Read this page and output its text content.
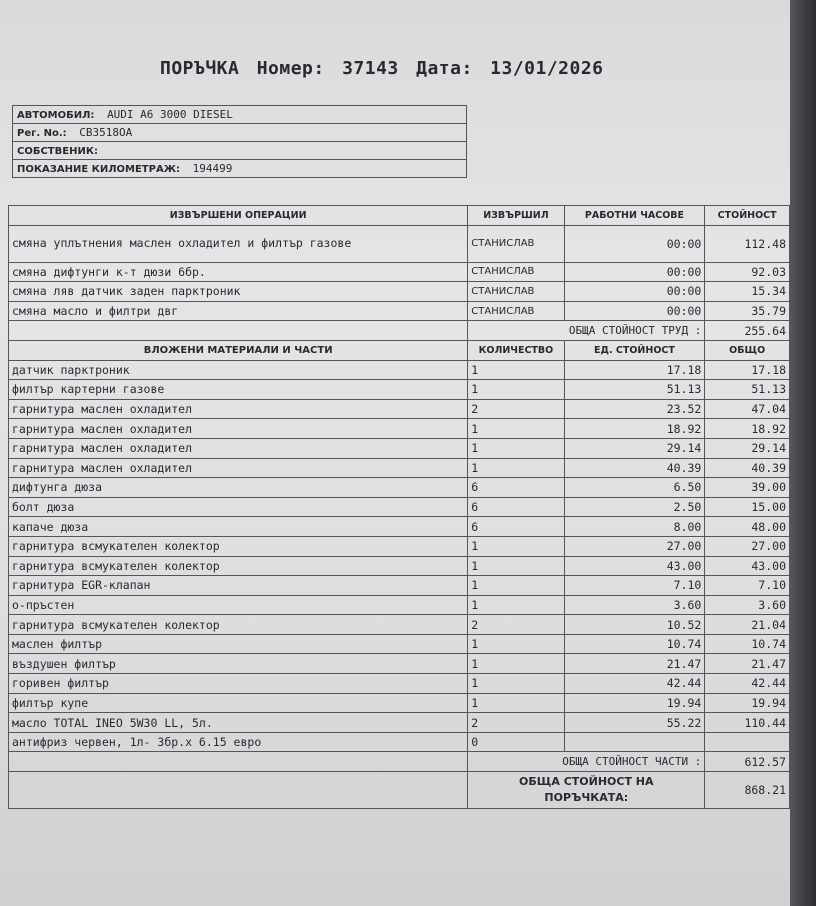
ПОРЪЧКА Номер: 37143 Дата: 13/01/2026
АВТОМОБИЛ: AUDI A6 3000 DIESEL
Рег. No.: CB3518OA
СОБСТВЕНИК:
ПОКАЗАНИЕ КИЛОМЕТРАЖ: 194499
ИЗВЪРШЕНИ ОПЕРАЦИИ	ИЗВЪРШИЛ	РАБОТНИ ЧАСОВЕ	СТОЙНОСТ
смяна уплътнения маслен охладител и филтър газове	СТАНИСЛАВ	00:00	112.48
смяна дифтунги к-т дюзи 6бр.	СТАНИСЛАВ	00:00	92.03
смяна ляв датчик заден парктроник	СТАНИСЛАВ	00:00	15.34
смяна масло и филтри двг	СТАНИСЛАВ	00:00	35.79
	ОБЩА СТОЙНОСТ ТРУД :		255.64
ВЛОЖЕНИ МАТЕРИАЛИ И ЧАСТИ	КОЛИЧЕСТВО	ЕД. СТОЙНОСТ	ОБЩО
датчик парктроник	1	17.18	17.18
филтър картерни газове	1	51.13	51.13
гарнитура маслен охладител	2	23.52	47.04
гарнитура маслен охладител	1	18.92	18.92
гарнитура маслен охладител	1	29.14	29.14
гарнитура маслен охладител	1	40.39	40.39
дифтунга дюза	6	6.50	39.00
болт дюза	6	2.50	15.00
капаче дюза	6	8.00	48.00
гарнитура всмукателен колектор	1	27.00	27.00
гарнитура всмукателен колектор	1	43.00	43.00
гарнитура EGR-клапан	1	7.10	7.10
о-пръстен	1	3.60	3.60
гарнитура всмукателен колектор	2	10.52	21.04
маслен филтър	1	10.74	10.74
въздушен филтър	1	21.47	21.47
горивен филтър	1	42.44	42.44
филтър купе	1	19.94	19.94
масло TOTAL INEO 5W30 LL, 5л.	2	55.22	110.44
антифриз червен, 1л- 3бр.х 6.15 евро	0		
	ОБЩА СТОЙНОСТ ЧАСТИ :		612.57

	ОБЩА СТОЙНОСТ НА
ПОРЪЧКАТА:		868.21
